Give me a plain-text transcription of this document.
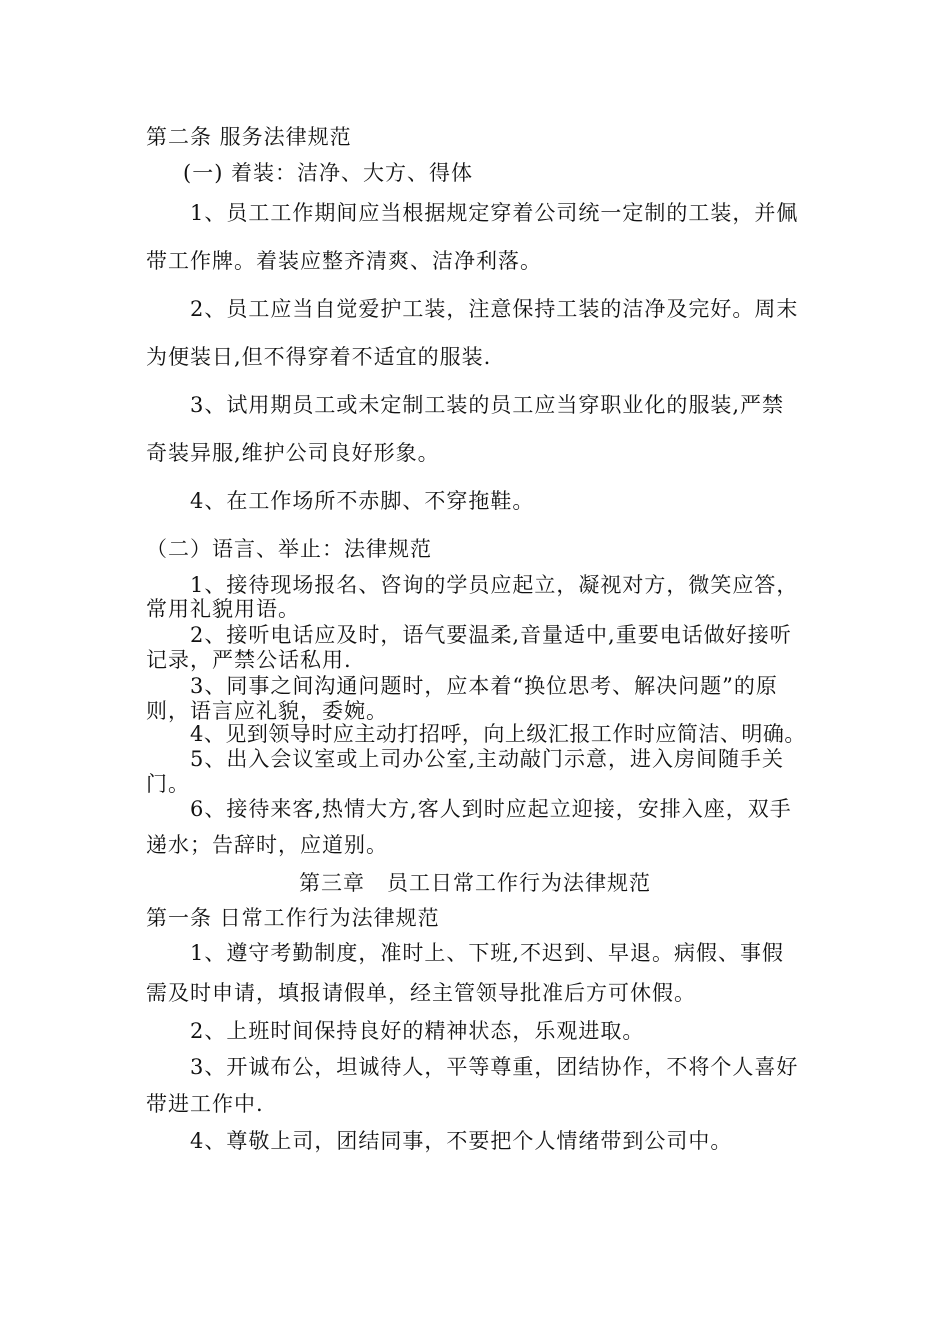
第二条 服务法律规范
(一) 着装：洁净、大方、得体
1、员工工作期间应当根据规定穿着公司统一定制的工装，并佩
带工作牌。着装应整齐清爽、洁净利落。
2、员工应当自觉爱护工装，注意保持工装的洁净及完好。周末
为便装日,但不得穿着不适宜的服装.
3、试用期员工或未定制工装的员工应当穿职业化的服装,严禁
奇装异服,维护公司良好形象。
4、在工作场所不赤脚、不穿拖鞋。
（二）语言、举止：法律规范
1、接待现场报名、咨询的学员应起立，凝视对方，微笑应答，
常用礼貌用语。
2、接听电话应及时，语气要温柔,音量适中,重要电话做好接听
记录，严禁公话私用.
3、同事之间沟通问题时，应本着“换位思考、解决问题”的原
则，语言应礼貌，委婉。
4、见到领导时应主动打招呼，向上级汇报工作时应简洁、明确。
5、出入会议室或上司办公室,主动敲门示意，进入房间随手关
门。
6、接待来客,热情大方,客人到时应起立迎接，安排入座，双手
递水；告辞时，应道别。
第三章　员工日常工作行为法律规范
第一条 日常工作行为法律规范
1、遵守考勤制度，准时上、下班,不迟到、早退。病假、事假
需及时申请，填报请假单，经主管领导批准后方可休假。
2、上班时间保持良好的精神状态，乐观进取。
3、开诚布公，坦诚待人，平等尊重，团结协作，不将个人喜好
带进工作中.
4、尊敬上司，团结同事，不要把个人情绪带到公司中。
